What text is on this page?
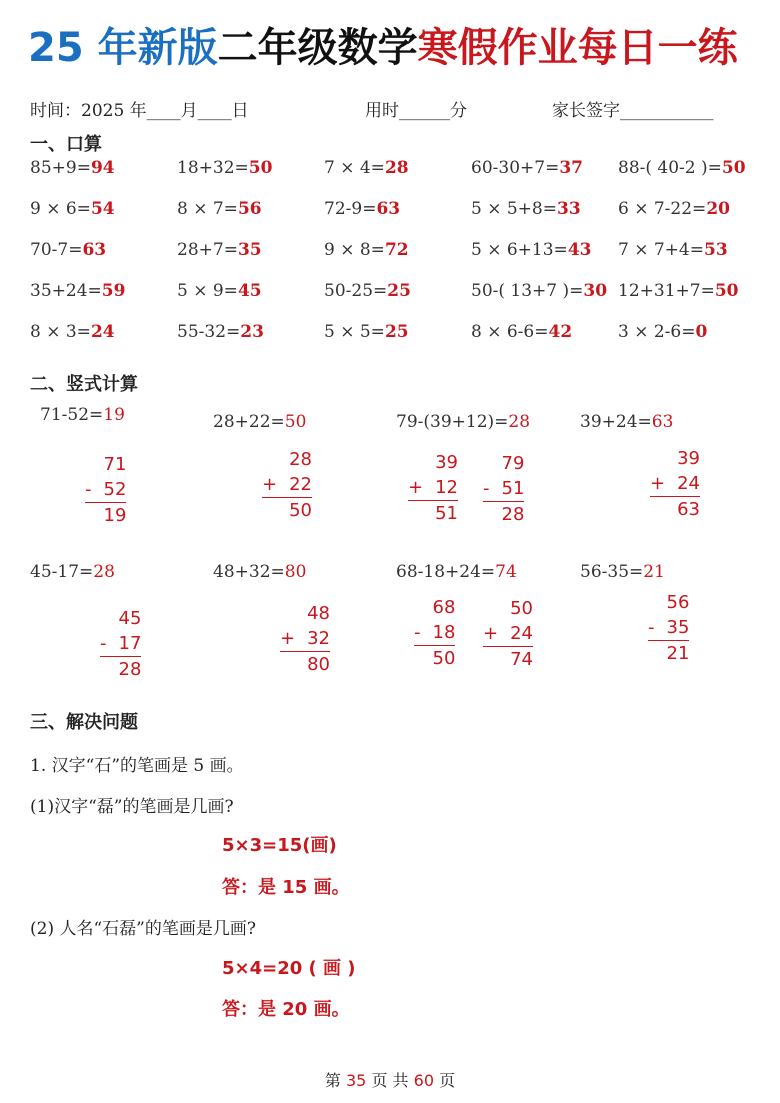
25 年新版二年级数学寒假作业每日一练
时间：2025 年____月____日	用时______分	家长签字___________
一、口算
85+9=94	18+32=50	7 × 4=28	60-30+7=37 88-( 40-2 )=50
9 × 6=54	8 × 7=56	72-9=63	5 × 5+8=33 6 × 7-22=20
70-7=63	28+7=35	9 × 8=72	5 × 6+13=43 7 × 7+4=53
35+24=59	5 × 9=45	50-25=25	50-( 13+7 )=30 12+31+7=50
8 × 3=24	55-32=23	5 × 5=25	8 × 6-6=42	3 × 2-6=0
二、竖式计算
71-52=19
71
- 52
19
28+22=50
28
+ 22
50
79-(39+12)=28
39
+ 12
51
79
- 51
28
39+24=63
39
+ 24
63
45-17=28
45
- 17
28
48+32=80
48
+ 32
80
68-18+24=74
68
- 18
50
50
+ 24
74
56-35=21
56
- 35
21
三、解决问题
1. 汉字“石”的笔画是 5 画。
(1)汉字“磊”的笔画是几画?
5×3=15(画)
答：是 15 画。
(2) 人名“石磊”的笔画是几画?
5×4=20 ( 画 )
答：是 20 画。
第 35 页 共 60 页
